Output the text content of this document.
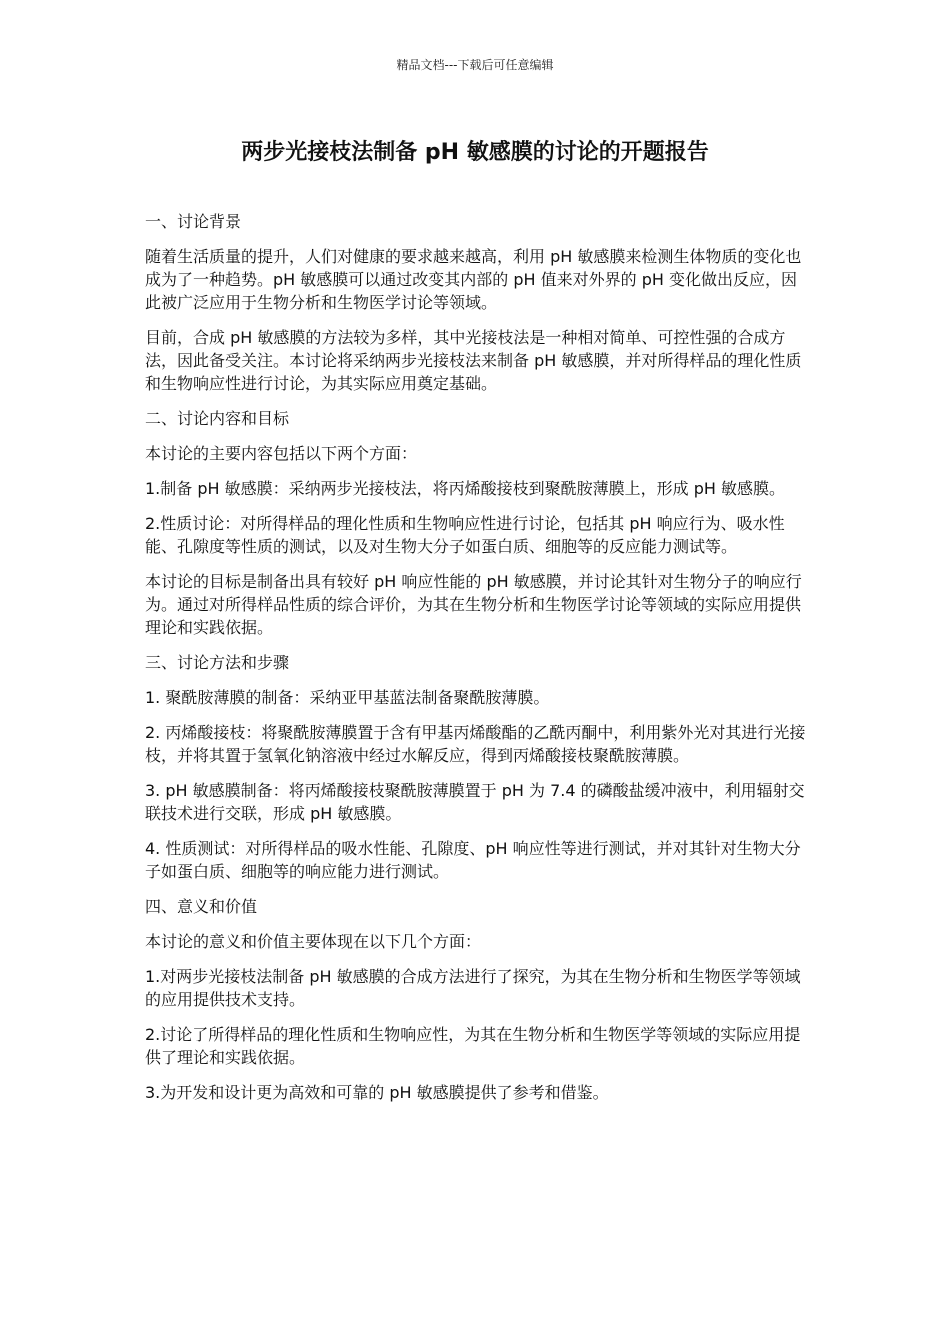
精品文档---下载后可任意编辑
两步光接枝法制备 pH 敏感膜的讨论的开题报告

一、讨论背景

随着生活质量的提升，人们对健康的要求越来越高，利用 pH 敏感膜来检测生体物质的变化也成为了一种趋势。pH 敏感膜可以通过改变其内部的 pH 值来对外界的 pH 变化做出反应，因此被广泛应用于生物分析和生物医学讨论等领域。

目前，合成 pH 敏感膜的方法较为多样，其中光接枝法是一种相对简单、可控性强的合成方法，因此备受关注。本讨论将采纳两步光接枝法来制备 pH 敏感膜，并对所得样品的理化性质和生物响应性进行讨论，为其实际应用奠定基础。

二、讨论内容和目标

本讨论的主要内容包括以下两个方面：

1.制备 pH 敏感膜：采纳两步光接枝法，将丙烯酸接枝到聚酰胺薄膜上，形成 pH 敏感膜。

2.性质讨论：对所得样品的理化性质和生物响应性进行讨论，包括其 pH 响应行为、吸水性能、孔隙度等性质的测试，以及对生物大分子如蛋白质、细胞等的反应能力测试等。

本讨论的目标是制备出具有较好 pH 响应性能的 pH 敏感膜，并讨论其针对生物分子的响应行为。通过对所得样品性质的综合评价，为其在生物分析和生物医学讨论等领域的实际应用提供理论和实践依据。

三、讨论方法和步骤

1. 聚酰胺薄膜的制备：采纳亚甲基蓝法制备聚酰胺薄膜。

2. 丙烯酸接枝：将聚酰胺薄膜置于含有甲基丙烯酸酯的乙酰丙酮中，利用紫外光对其进行光接枝，并将其置于氢氧化钠溶液中经过水解反应，得到丙烯酸接枝聚酰胺薄膜。

3. pH 敏感膜制备：将丙烯酸接枝聚酰胺薄膜置于 pH 为 7.4 的磷酸盐缓冲液中，利用辐射交联技术进行交联，形成 pH 敏感膜。

4. 性质测试：对所得样品的吸水性能、孔隙度、pH 响应性等进行测试，并对其针对生物大分子如蛋白质、细胞等的响应能力进行测试。

四、意义和价值

本讨论的意义和价值主要体现在以下几个方面：

1.对两步光接枝法制备 pH 敏感膜的合成方法进行了探究，为其在生物分析和生物医学等领域的应用提供技术支持。

2.讨论了所得样品的理化性质和生物响应性，为其在生物分析和生物医学等领域的实际应用提供了理论和实践依据。

3.为开发和设计更为高效和可靠的 pH 敏感膜提供了参考和借鉴。
